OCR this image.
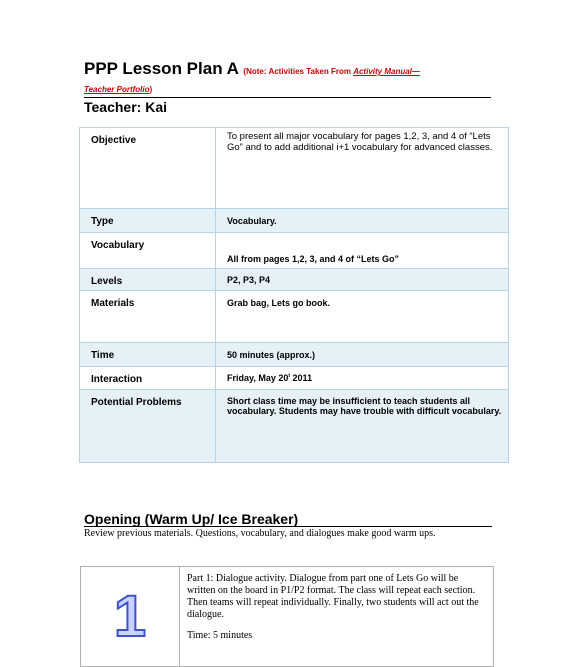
PPP Lesson Plan A (Note: Activities Taken From Activity Manual—
Teacher Portfolio)
Teacher: Kai
Objective	To present all major vocabulary for pages 1,2, 3, and 4 of “Lets Go” and to add additional i+1 vocabulary for advanced classes.
Type	Vocabulary.
Vocabulary	All from pages 1,2, 3, and 4 of “Lets Go”
Levels	P2, P3, P4
Materials	Grab bag, Lets go book.
Time	50 minutes (approx.)
Interaction	Friday, May 20$^t$ 2011
Potential Problems	Short class time may be insufficient to teach students all vocabulary. Students may have trouble with difficult vocabulary.
Opening (Warm Up/ Ice Breaker)
Review previous materials. Questions, vocabulary, and dialogues make good warm ups.
1	

Part 1: Dialogue activity. Dialogue from part one of Lets Go will be written on the board in P1/P2 format. The class will repeat each section. Then teams will repeat individually. Finally, two students will act out the dialogue.

Time: 5 minutes
